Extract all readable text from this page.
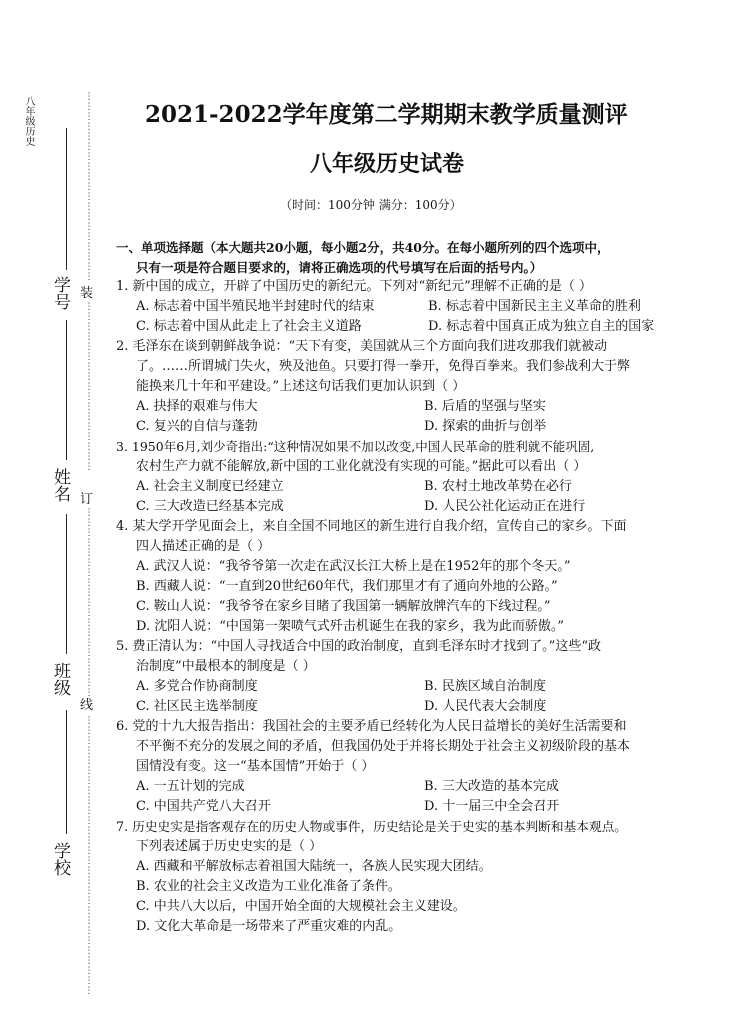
八年级历史
学号
姓名
班级
学校
⋮
⋮
⋮
⋮
⋮
⋮
⋮
⋮
⋮
⋮
⋮
⋮
⋮
⋮
⋮
⋮
⋮
⋮
⋮
⋮
⋮
⋮
⋮
⋮
⋮
⋮
⋮
⋮
⋮
⋮
⋮
⋮
⋮
⋮
⋮
⋮
⋮
⋮
⋮
⋮
⋮
⋮
⋮
⋮
⋮
⋮
⋮
⋮
⋮
⋮
⋮
⋮
⋮
⋮
⋮
⋮
⋮
⋮
⋮
⋮
⋮
⋮
⋮
⋮
⋮
⋮
⋮
⋮
⋮
⋮
⋮
⋮
⋮
⋮
⋮
⋮
⋮
⋮
⋮
⋮
⋮
⋮
⋮
装
订
线
2021-2022学年度第二学期期末教学质量测评
八年级历史试卷
（时间：100分钟 满分：100分）
一、单项选择题（本大题共20小题，每小题2分，共40分。在每小题所列的四个选项中，
只有一项是符合题目要求的，请将正确选项的代号填写在后面的括号内。）
1. 新中国的成立，开辟了中国历史的新纪元。下列对“新纪元”理解不正确的是（ ）
A. 标志着中国半殖民地半封建时代的结束	B. 标志着中国新民主主义革命的胜利
C. 标志着中国从此走上了社会主义道路	D. 标志着中国真正成为独立自主的国家
2. 毛泽东在谈到朝鲜战争说：“天下有变，美国就从三个方面向我们进攻那我们就被动
了。……所谓城门失火，殃及池鱼。只要打得一拳开，免得百拳来。我们参战利大于弊
能换来几十年和平建设。”上述这句话我们更加认识到（ ）
A. 抉择的艰难与伟大	B. 后盾的坚强与坚实
C. 复兴的自信与蓬勃	D. 探索的曲折与创举
3. 1950年6月,刘少奇指出:“这种情况如果不加以改变,中国人民革命的胜利就不能巩固,
农村生产力就不能解放,新中国的工业化就没有实现的可能。”据此可以看出（ ）
A. 社会主义制度已经建立	B. 农村土地改革势在必行
C. 三大改造已经基本完成	D. 人民公社化运动正在进行
4. 某大学开学见面会上，来自全国不同地区的新生进行自我介绍，宣传自己的家乡。下面
四人描述正确的是（ ）
A. 武汉人说：“我爷爷第一次走在武汉长江大桥上是在1952年的那个冬天。”
B. 西藏人说：“一直到20世纪60年代，我们那里才有了通向外地的公路。”
C. 鞍山人说：“我爷爷在家乡目睹了我国第一辆解放牌汽车的下线过程。”
D. 沈阳人说：“中国第一架喷气式歼击机诞生在我的家乡，我为此而骄傲。”
5. 费正清认为：“中国人寻找适合中国的政治制度，直到毛泽东时才找到了。”这些“政
治制度”中最根本的制度是（ ）
A. 多党合作协商制度	B. 民族区域自治制度
C. 社区民主选举制度	D. 人民代表大会制度
6. 党的十九大报告指出：我国社会的主要矛盾已经转化为人民日益增长的美好生活需要和
不平衡不充分的发展之间的矛盾，但我国仍处于并将长期处于社会主义初级阶段的基本
国情没有变。这一“基本国情”开始于（ ）
A. 一五计划的完成	B. 三大改造的基本完成
C. 中国共产党八大召开	D. 十一届三中全会召开
7. 历史史实是指客观存在的历史人物或事件，历史结论是关于史实的基本判断和基本观点。
下列表述属于历史史实的是（ ）
A. 西藏和平解放标志着祖国大陆统一，各族人民实现大团结。
B. 农业的社会主义改造为工业化准备了条件。
C. 中共八大以后，中国开始全面的大规模社会主义建设。
D. 文化大革命是一场带来了严重灾难的内乱。
